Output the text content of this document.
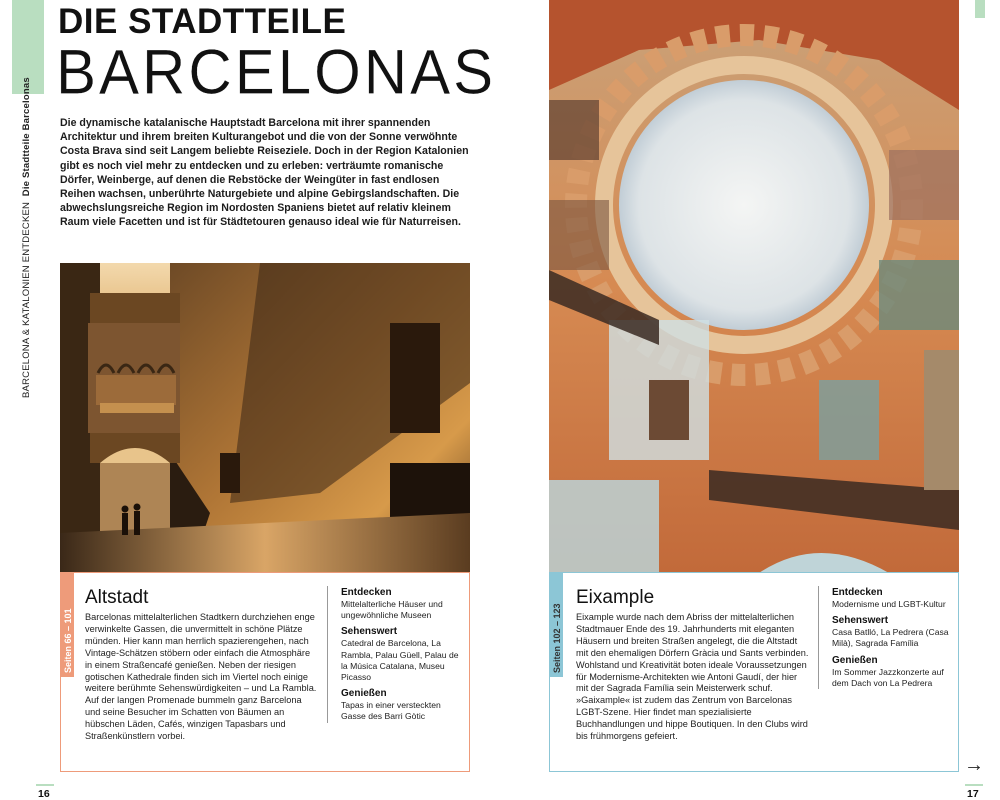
BARCELONA & KATALONIEN ENTDECKEN  Die Stadtteile Barcelonas
DIE STADTTEILE
BARCELONAS
Die dynamische katalanische Hauptstadt Barcelona mit ihrer spannenden Architektur und ihrem breiten Kulturangebot und die von der Sonne verwöhnte Costa Brava sind seit Langem beliebte Reiseziele. Doch in der Region Katalonien gibt es noch viel mehr zu entdecken und zu erleben: verträumte romanische Dörfer, Weinberge, auf denen die Rebstöcke der Weingüter in fast endlosen Reihen wachsen, unberührte Naturgebiete und alpine Gebirgslandschaften. Die abwechslungsreiche Region im Nordosten Spaniens bietet auf relativ kleinem Raum viele Facetten und ist für Städtetouren genauso ideal wie für Naturreisen.
Seiten 66 – 101
Altstadt
Barcelonas mittelalterlichen Stadtkern durchziehen enge verwinkelte Gassen, die unvermittelt in schöne Plätze münden. Hier kann man herrlich spazierengehen, nach Vintage-Schätzen stöbern oder einfach die Atmosphäre in einem Straßencafé genießen. Neben der riesigen gotischen Kathedrale finden sich im Viertel noch einige weitere berühmte Sehenswürdigkeiten – und La Rambla. Auf der langen Promenade bummeln ganz Barcelona und seine Besucher im Schatten von Bäumen an hübschen Läden, Cafés, winzigen Tapasbars und Straßenkünstlern vorbei.
Entdecken
Mittelalterliche Häuser und ungewöhnliche Museen
Sehenswert
Catedral de Barcelona, La Rambla, Palau Güell, Palau de la Música Catalana, Museu Picasso
Genießen
Tapas in einer versteckten Gasse des Barri Gòtic
16
Seiten 102 – 123
Eixample
Eixample wurde nach dem Abriss der mittelalterlichen Stadtmauer Ende des 19. Jahrhunderts mit eleganten Häusern und breiten Straßen angelegt, die die Altstadt mit den ehemaligen Dörfern Gràcia und Sants verbinden. Wohlstand und Kreativität boten ideale Voraussetzungen für Modernisme-Architekten wie Antoni Gaudí, der hier mit der Sagrada Família sein Meisterwerk schuf. »Gaixample« ist zudem das Zentrum von Barcelonas LGBT-Szene. Hier findet man spezialisierte Buchhandlungen und hippe Boutiquen. In den Clubs wird bis frühmorgens gefeiert.
Entdecken
Modernisme und LGBT-Kultur
Sehenswert
Casa Batlló, La Pedrera (Casa Milà), Sagrada Família
Genießen
Im Sommer Jazzkonzerte auf dem Dach von La Pedrera
→
17
